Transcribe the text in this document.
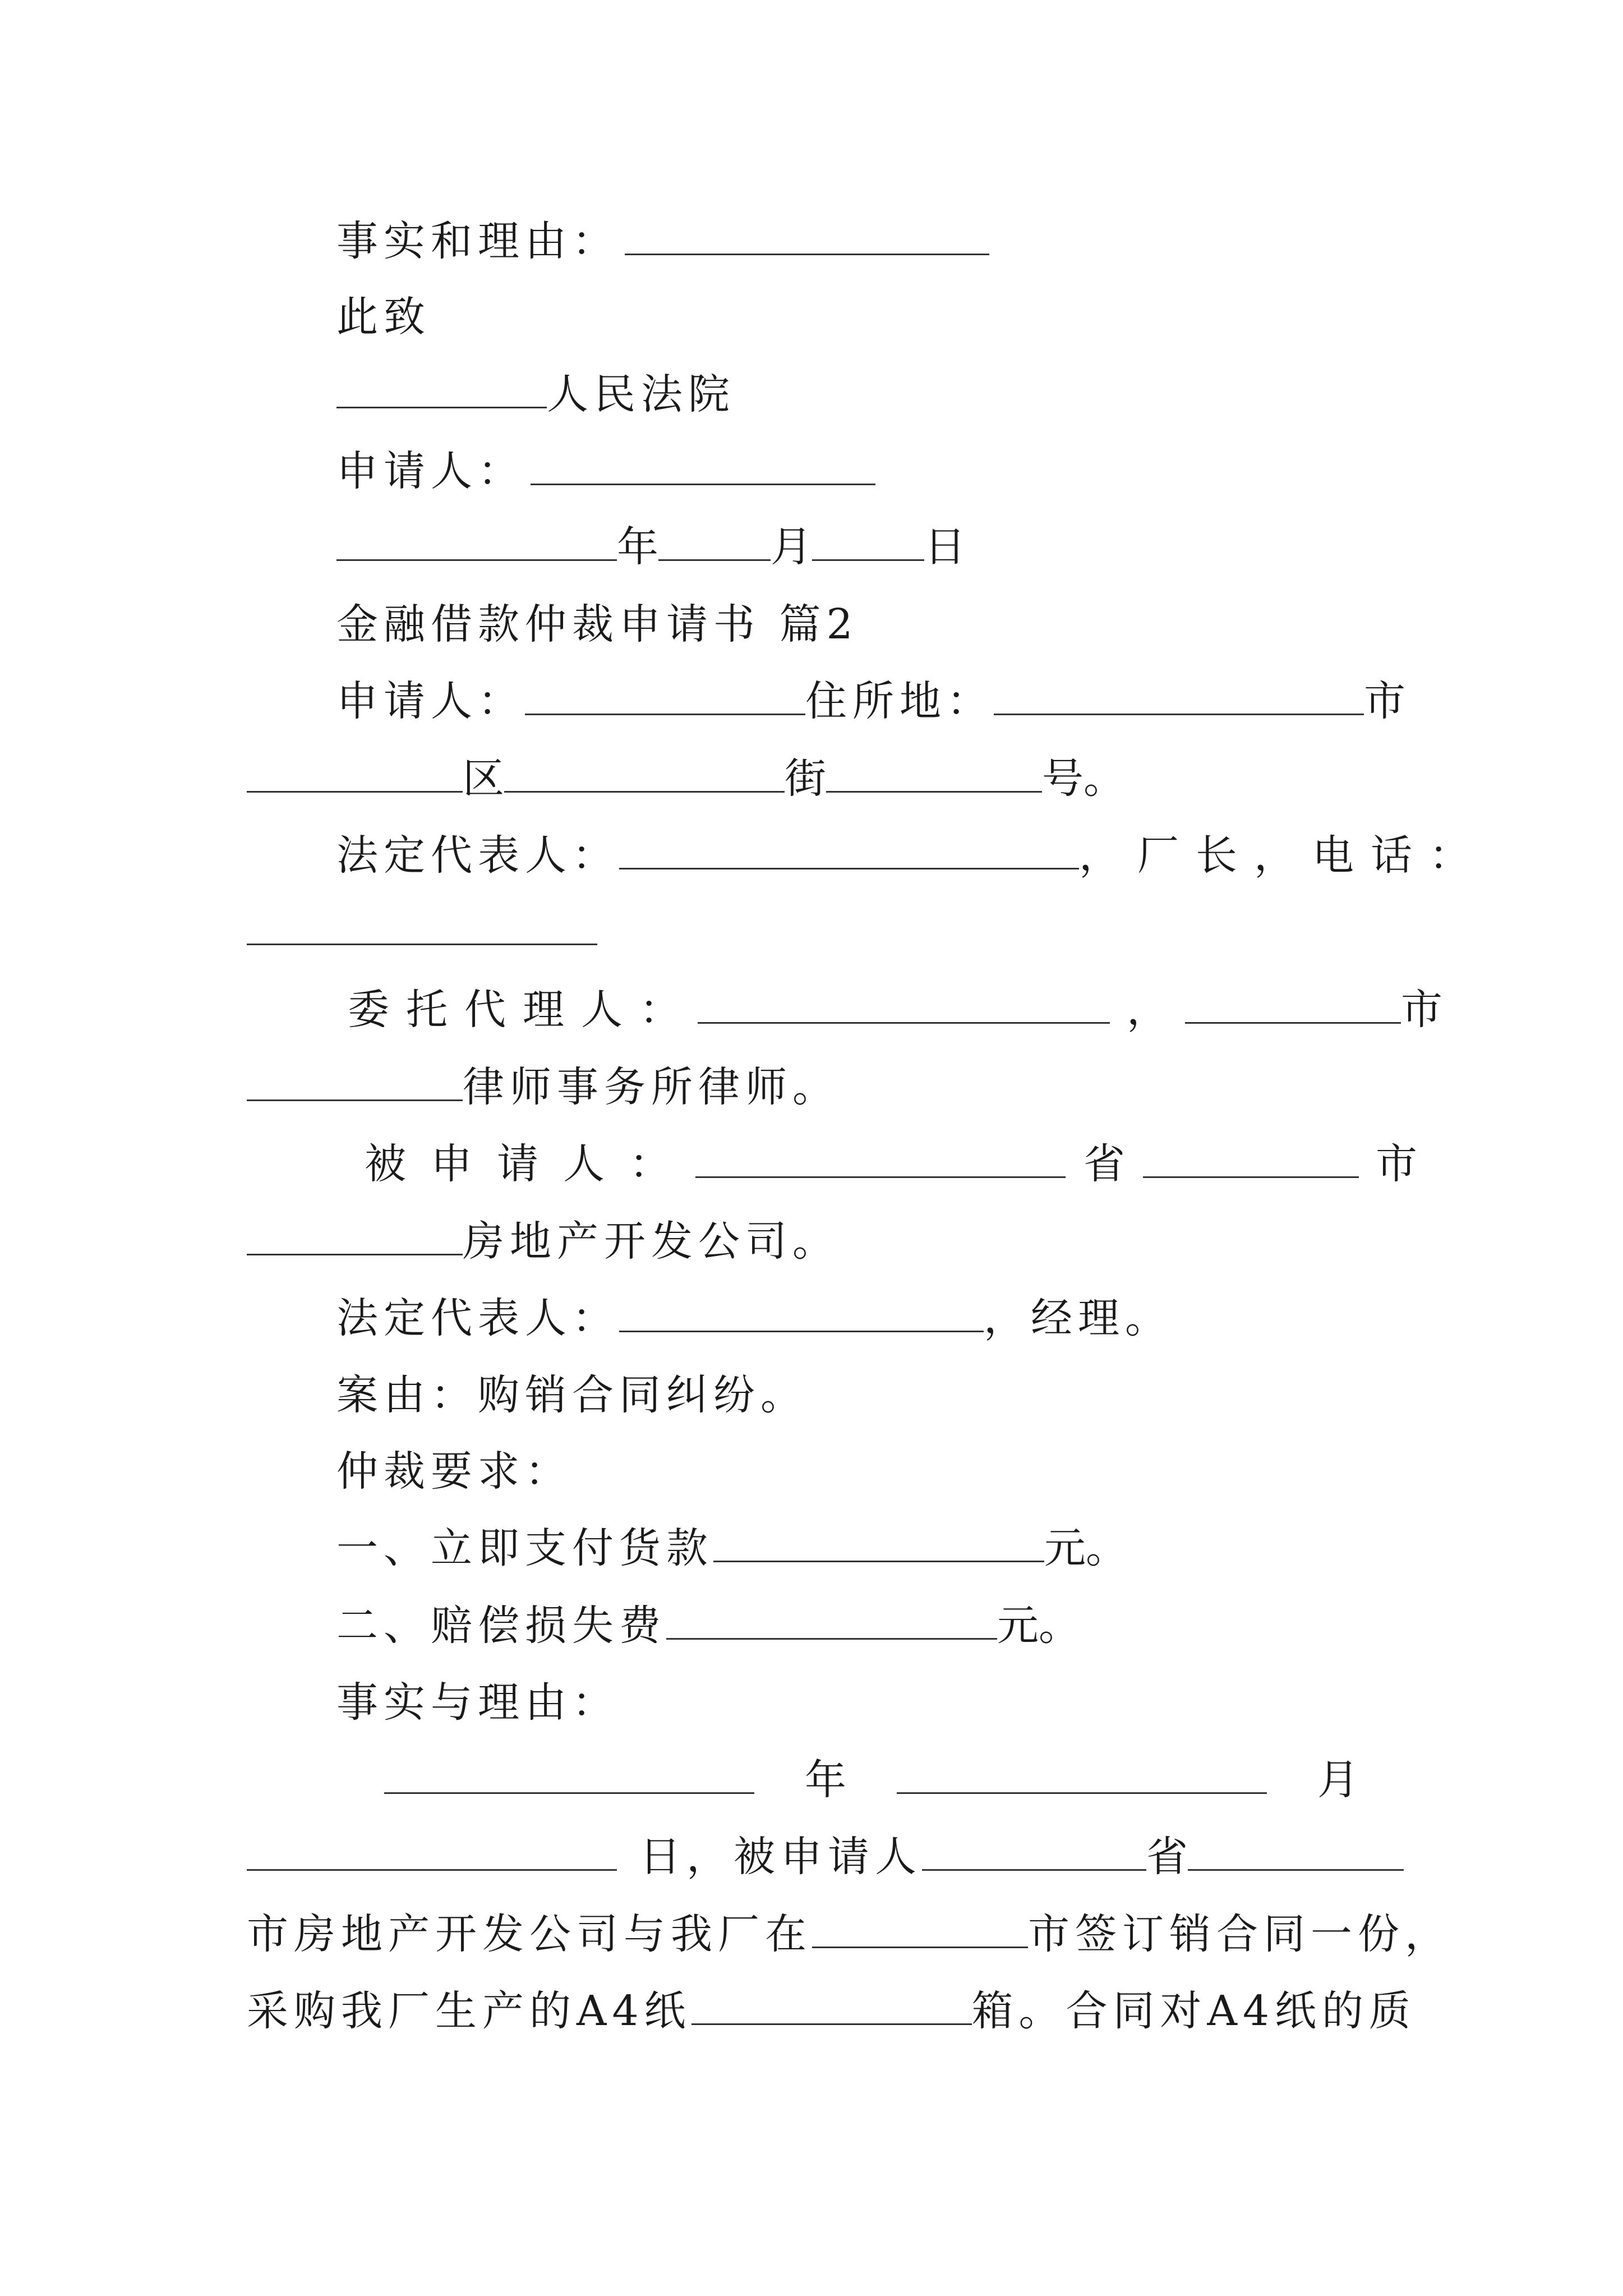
事实和理由：
此致
人民法院
申请人：
年	月	日
金融借款仲裁申请书 篇2
申请人：	住所地：	市
区	街	号。
法定代表人：	，厂长，电话：
委托代理人：	，	市
律师事务所律师。
被申请人：	省	市
房地产开发公司。
法定代表人：	，经理。
案由：购销合同纠纷。
仲裁要求：
一、立即支付货款	元。
二、赔偿损失费	元。
事实与理由：
年	月
日，被申请人	省
市房地产开发公司与我厂在	市签订销合同一份，
采购我厂生产的A4纸	箱。合同对A4纸的质
